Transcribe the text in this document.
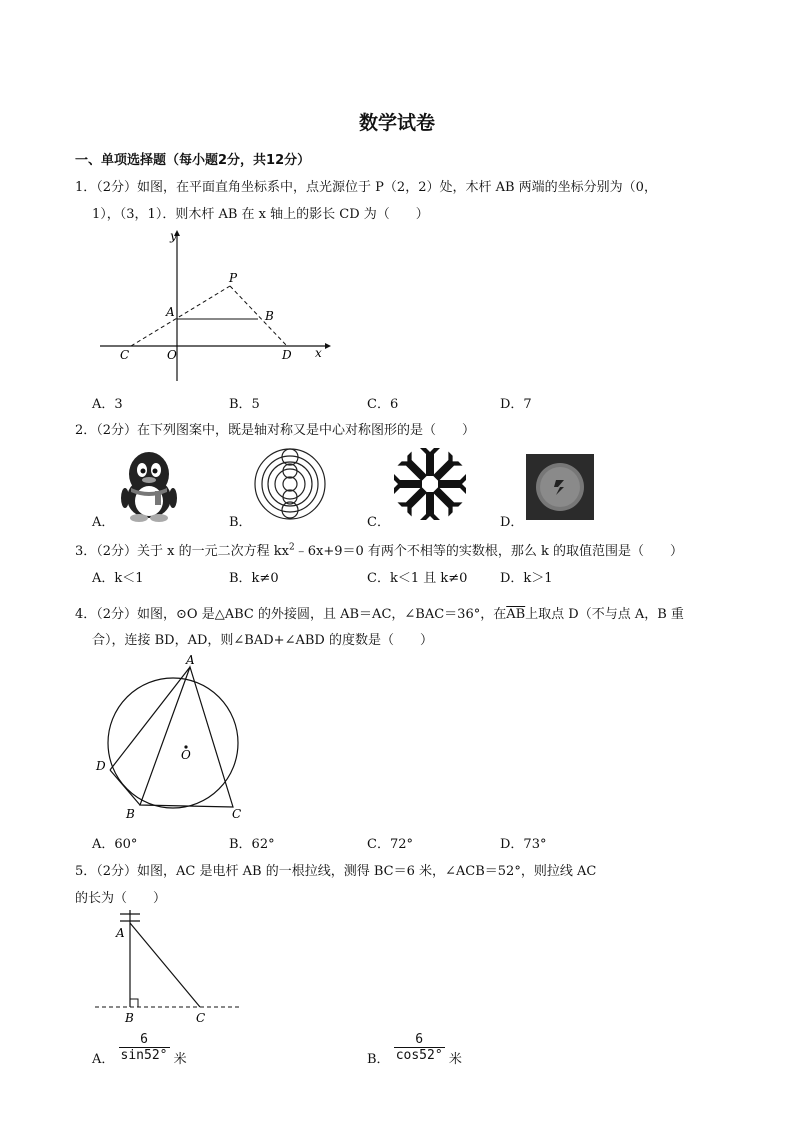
数学试卷
一、单项选择题（每小题2分，共12分）
1．（2分）如图，在平面直角坐标系中，点光源位于 P（2，2）处，木杆 AB 两端的坐标分别为（0，
1），（3，1）．则木杆 AB 在 x 轴上的影长 CD 为（　　）
y
x
P
A	B
C	O	D
A．3	B．5	C．6	D．7
2．（2分）在下列图案中，既是轴对称又是中心对称图形的是（　　）
A．	B．	C．	D．
3．（2分）关于 x 的一元二次方程 $kx^2﹣6x+9=0$ 有两个不相等的实数根，那么 k 的取值范围是（　　）
A．k＜1	B．k≠0	C．k＜1 且 k≠0	D．k＞1
4．（2分）如图，⊙O 是△ABC 的外接圆，且 AB＝AC，∠BAC＝36°，在$\overline{AB}$上取点 D（不与点 A，B 重
合），连接 BD，AD，则∠BAD+∠ABD 的度数是（　　）
A
O
D
B	C
A．60°	B．62°	C．72°	D．73°
5．（2分）如图，AC 是电杆 AB 的一根拉线，测得 BC＝6 米，∠ACB＝52°，则拉线 AC
的长为（　　）
A
B	C
A． $\frac{6}{\sin 52^\circ}$ 米	B． $\frac{6}{\cos 52^\circ}$ 米
